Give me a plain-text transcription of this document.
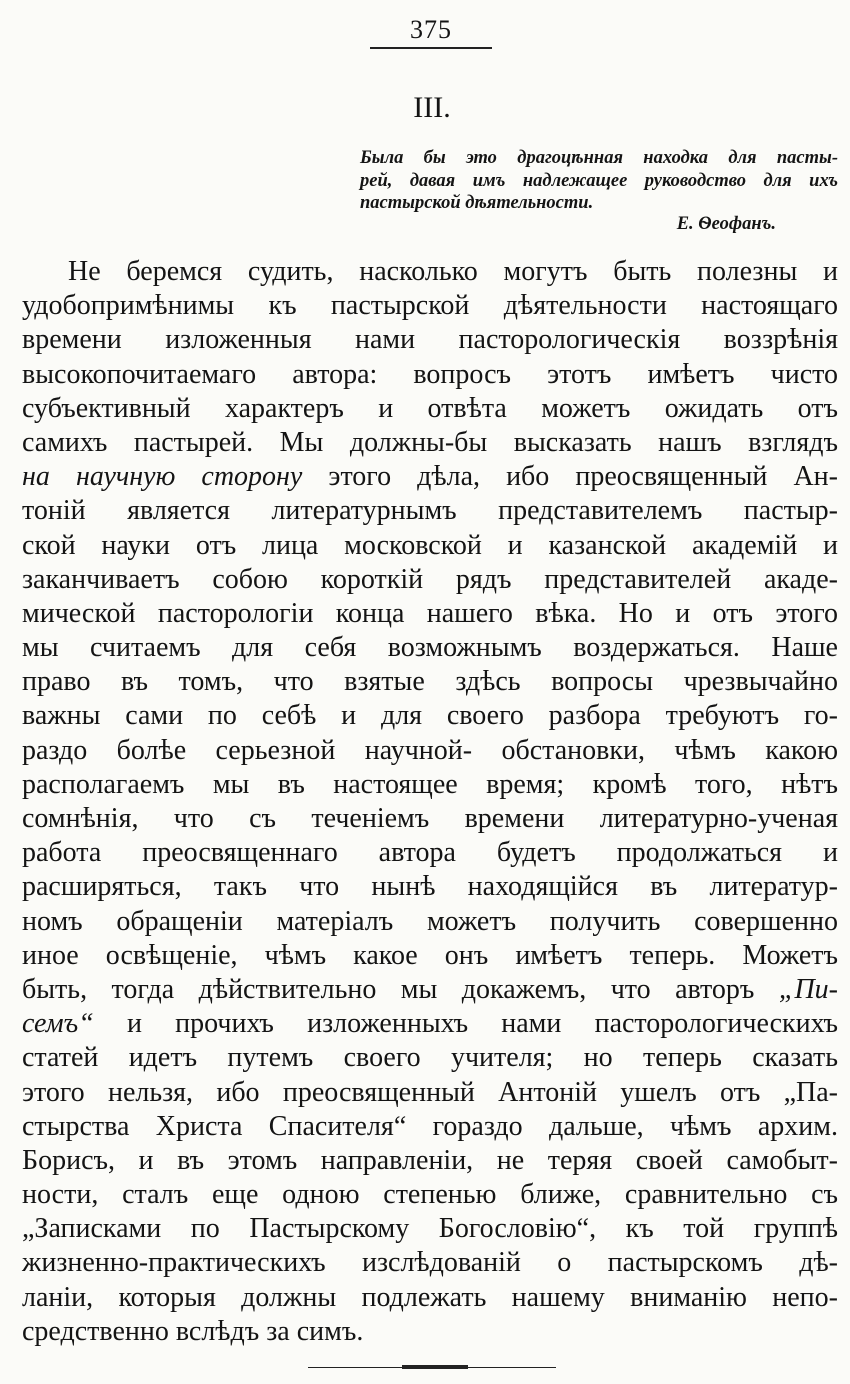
375
III.
Была бы это драгоцѣнная находка для пасты-
рей, давая имъ надлежащее руководство для ихъ
пастырской дѣятельности.
Е. Ѳеофанъ.
Не беремся судить, насколько могутъ быть полезны и
удобопримѣнимы къ пастырской дѣятельности настоящаго
времени изложенныя нами пасторологическія воззрѣнія
высокопочитаемаго автора: вопросъ этотъ имѣетъ чисто
субъективный характеръ и отвѣта можетъ ожидать отъ
самихъ пастырей. Мы должны-бы высказать нашъ взглядъ
на научную сторону этого дѣла, ибо преосвященный Ан-
тоній является литературнымъ представителемъ пастыр-
ской науки отъ лица московской и казанской академій и
заканчиваетъ собою короткій рядъ представителей акаде-
мической пасторологіи конца нашего вѣка. Но и отъ этого
мы считаемъ для себя возможнымъ воздержаться. Наше
право въ томъ, что взятые здѣсь вопросы чрезвычайно
важны сами по себѣ и для своего разбора требуютъ го-
раздо болѣе серьезной научной- обстановки, чѣмъ какою
располагаемъ мы въ настоящее время; кромѣ того, нѣтъ
сомнѣнія, что съ теченіемъ времени литературно-ученая
работа преосвященнаго автора будетъ продолжаться и
расширяться, такъ что нынѣ находящійся въ литератур-
номъ обращеніи матеріалъ можетъ получить совершенно
иное освѣщеніе, чѣмъ какое онъ имѣетъ теперь. Можетъ
быть, тогда дѣйствительно мы докажемъ, что авторъ „Пи-
семъ“ и прочихъ изложенныхъ нами пасторологическихъ
статей идетъ путемъ своего учителя; но теперь сказать
этого нельзя, ибо преосвященный Антоній ушелъ отъ „Па-
стырства Христа Спасителя“ гораздо дальше, чѣмъ архим.
Борисъ, и въ этомъ направленіи, не теряя своей самобыт-
ности, сталъ еще одною степенью ближе, сравнительно съ
„Записками по Пастырскому Богословію“, къ той группѣ
жизненно-практическихъ изслѣдованій о пастырскомъ дѣ-
ланіи, которыя должны подлежать нашему вниманію непо-
средственно вслѣдъ за симъ.
